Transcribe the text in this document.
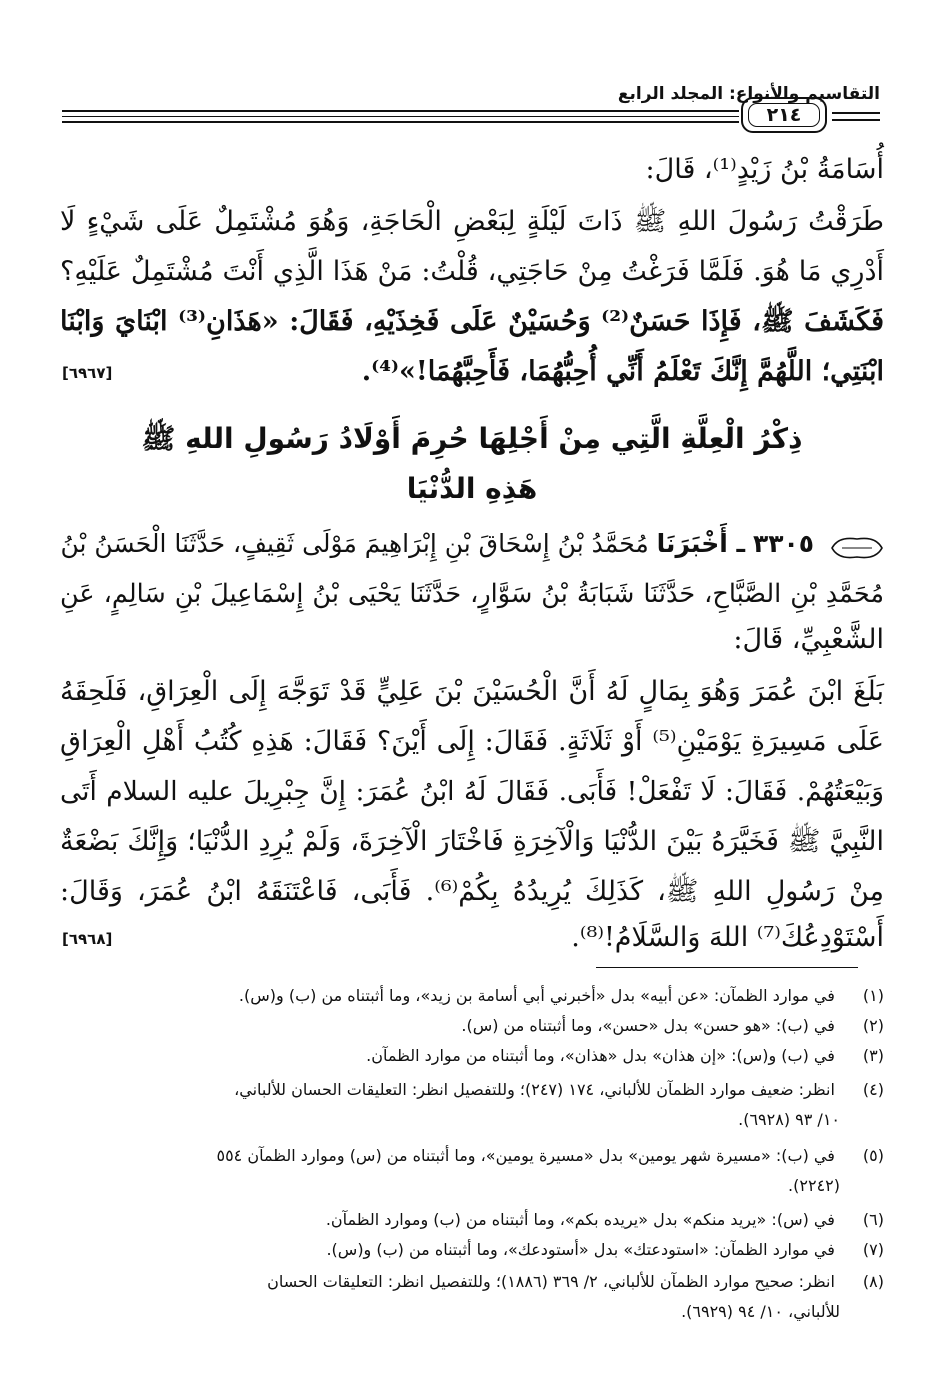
التقاسيم والأنواع: المجلد الرابع
٢١٤
أُسَامَةُ بْنُ زَيْدٍ⁽¹⁾، قَالَ:
طَرَقْتُ رَسُولَ اللهِ ﷺ ذَاتَ لَيْلَةٍ لِبَعْضِ الْحَاجَةِ، وَهُوَ مُشْتَمِلٌ عَلَى شَيْءٍ لَا
أَدْرِي مَا هُوَ. فَلَمَّا فَرَغْتُ مِنْ حَاجَتِي، قُلْتُ: مَنْ هَذَا الَّذِي أَنْتَ مُشْتَمِلٌ عَلَيْهِ؟
فَكَشَفَ ﷺ، فَإِذَا حَسَنٌ⁽²⁾ وَحُسَيْنٌ عَلَى فَخِذَيْهِ، فَقَالَ: «هَذَانِ⁽³⁾ ابْنَايَ وَابْنَا
ابْنَتِي؛ اللَّهُمَّ إِنَّكَ تَعْلَمُ أَنِّي أُحِبُّهُمَا، فَأَحِبَّهُمَا!»⁽⁴⁾.
[٦٩٦٧]
ذِكْرُ الْعِلَّةِ الَّتِي مِنْ أَجْلِهَا حُرِمَ أَوْلَادُ رَسُولِ اللهِ ﷺ
هَذِهِ الدُّنْيَا
٣٣٠٥ ـ أَخْبَرَنَا مُحَمَّدُ بْنُ إِسْحَاقَ بْنِ إِبْرَاهِيمَ مَوْلَى ثَقِيفٍ، حَدَّثَنَا الْحَسَنُ بْنُ
مُحَمَّدِ بْنِ الصَّبَّاحِ، حَدَّثَنَا شَبَابَةُ بْنُ سَوَّارٍ، حَدَّثَنَا يَحْيَى بْنُ إِسْمَاعِيلَ بْنِ سَالِمٍ، عَنِ
الشَّعْبِيِّ، قَالَ:
بَلَغَ ابْنَ عُمَرَ وَهُوَ بِمَالٍ لَهُ أَنَّ الْحُسَيْنَ بْنَ عَلِيٍّ قَدْ تَوَجَّهَ إِلَى الْعِرَاقِ، فَلَحِقَهُ
عَلَى مَسِيرَةِ يَوْمَيْنِ⁽⁵⁾ أَوْ ثَلَاثَةٍ. فَقَالَ: إِلَى أَيْنَ؟ فَقَالَ: هَذِهِ كُتُبُ أَهْلِ الْعِرَاقِ
وَبَيْعَتُهُمْ. فَقَالَ: لَا تَفْعَلْ! فَأَبَى. فَقَالَ لَهُ ابْنُ عُمَرَ: إِنَّ جِبْرِيلَ عليه السلام أَتَى
النَّبِيَّ ﷺ فَخَيَّرَهُ بَيْنَ الدُّنْيَا وَالْآخِرَةِ فَاخْتَارَ الْآخِرَةَ، وَلَمْ يُرِدِ الدُّنْيَا؛ وَإِنَّكَ بَضْعَةٌ
مِنْ رَسُولِ اللهِ ﷺ، كَذَلِكَ يُرِيدُهُ بِكُمْ⁽⁶⁾. فَأَبَى، فَاعْتَنَقَهُ ابْنُ عُمَرَ، وَقَالَ:
أَسْتَوْدِعُكَ⁽⁷⁾ اللهَ وَالسَّلَامُ!⁽⁸⁾.
[٦٩٦٨]
(١) في موارد الظمآن: «عن أبيه» بدل «أخبرني أبي أسامة بن زيد»، وما أثبتناه من (ب) و(س).
(٢) في (ب): «هو حسن» بدل «حسن»، وما أثبتناه من (س).
(٣) في (ب) و(س): «إن هذان» بدل «هذان»، وما أثبتناه من موارد الظمآن.
(٤) انظر: ضعيف موارد الظمآن للألباني، ١٧٤ (٢٤٧)؛ وللتفصيل انظر: التعليقات الحسان للألباني،
١٠/ ٩٣ (٦٩٢٨).
(٥) في (ب): «مسيرة شهر يومين» بدل «مسيرة يومين»، وما أثبتناه من (س) وموارد الظمآن ٥٥٤
(٢٢٤٢).
(٦) في (س): «يريد منكم» بدل «يريده بكم»، وما أثبتناه من (ب) وموارد الظمآن.
(٧) في موارد الظمآن: «استودعتك» بدل «أستودعك»، وما أثبتناه من (ب) و(س).
(٨) انظر: صحيح موارد الظمآن للألباني، ٢/ ٣٦٩ (١٨٨٦)؛ وللتفصيل انظر: التعليقات الحسان
للألباني، ١٠/ ٩٤ (٦٩٢٩).
